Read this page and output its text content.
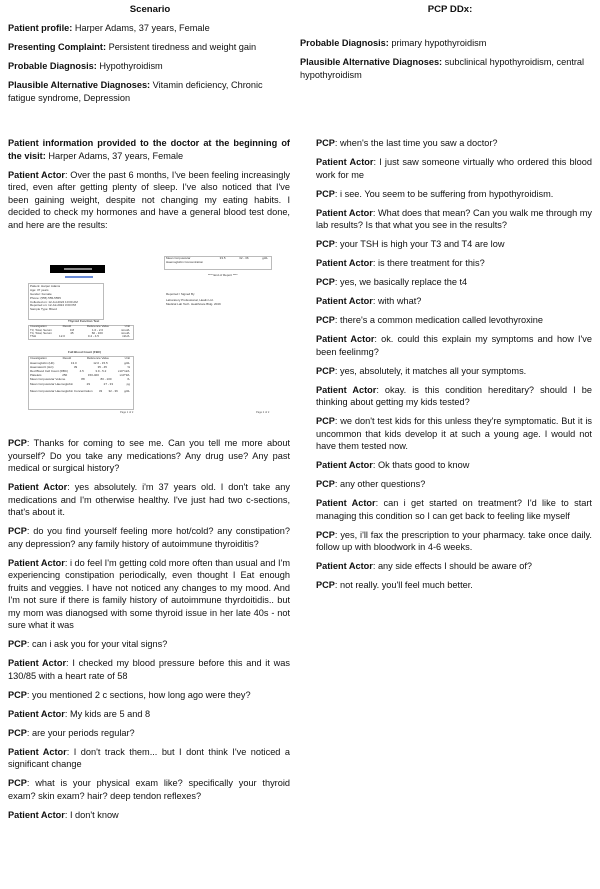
Scenario	PCP DDx:

Patient profile: Harper Adams, 37 years, Female

Presenting Complaint: Persistent tiredness and weight gain

Probable Diagnosis: Hypothyroidism

Plausible Alternative Diagnoses: Vitamin deficiency, Chronic fatigue syndrome, Depression

Probable Diagnosis: primary hypothyroidism

Plausible Alternative Diagnoses: subclinical hypothyroidism, central hypothyroidism

Patient information provided to the doctor at the beginning of the visit: Harper Adams, 37 years, Female

Patient Actor: Over the past 6 months, I've been feeling increasingly tired, even after getting plenty of sleep. I've also noticed that I've been gaining weight, despite not changing my eating habits. I decided to check my hormones and have a general blood test done, and here are the results:

Patient: Harper Adams
Age: 37 years
Gender: Female
Phone: (555) 555-5555
Collected on: 12-Jul-2024 10:00 AM
Reported on: 12-Jul-2024 3:00 PM
Sample Type: Blood
Thyroid Function Test
Investigation	Result	Reference Value	Unit
T3, Total, Serum	0.8	1.0 - 2.0	nmol/L
T4, Total, Serum	45	60 - 160	nmol/L
TSH	12.0	0.4 - 4.5	mIU/L
Full Blood Count (FBC)
Investigation	Result	Reference Value	Unit
Haemoglobin (Hb)	13.0	12.0 - 15.5	g/dL
Haematocrit (Hct)	39	35 - 45	%
Red Blood Cell Count (RBC)	4.5	3.9 - 5.2	x10^12/L
Platelets	250	150-400	x10^9/L
Mean Corpuscular Volume	88	80 - 100	fL
Mean Corpuscular Haemoglobin	29	27 - 33	pg
Mean Corpuscular Haemoglobin Concentration 33 32 - 36 g/dL
Page 1 of 2
Mean Corpuscular Haemoglobin Concentration
33.5	32 - 36	g/dL
**** End of Report ****
Reported / Signed By
Laboratory Professional, Healix Ltd.
Medical Lab Tech. Healthcare Bldg. 2049
Page 2 of 2

PCP: Thanks for coming to see me. Can you tell me more about yourself? Do you take any medications? Any drug use? Any past medical or surgical history?

Patient Actor: yes absolutely. i'm 37 years old. I don't take any medications and I'm otherwise healthy. I've just had two c-sections, that's about it.

PCP: do you find yourself feeling more hot/cold? any constipation? any depression? any family history of autoimmune thyroiditis?

Patient Actor: i do feel I'm getting cold more often than usual and I'm experiencing constipation periodically, even thought I Eat enough fruits and veggies. I have not noticed any changes to my mood. And I'm not sure if there is family history of autoimmune thyrdoitidis.. but my mom was dianogsed with some thyroid issue in her late 40s - not sure what it was

PCP: can i ask you for your vital signs?

Patient Actor: I checked my blood pressure before this and it was 130/85 with a heart rate of 58

PCP: you mentioned 2 c sections, how long ago were they?

Patient Actor: My kids are 5 and 8

PCP: are your periods regular?

Patient Actor: I don't track them... but I dont think I've noticed a significant change

PCP: what is your physical exam like? specifically your thyroid exam? skin exam? hair? deep tendon reflexes?

Patient Actor: I don't know

PCP: when's the last time you saw a doctor?

Patient Actor: I just saw someone virtually who ordered this blood work for me

PCP: i see. You seem to be suffering from hypothyroidism.

Patient Actor: What does that mean? Can you walk me through my lab results? Is that what you see in the results?

PCP: your TSH is high your T3 and T4 are low

Patient Actor: is there treatment for this?

PCP: yes, we basically replace the t4

Patient Actor: with what?

PCP: there's a common medication called levothyroxine

Patient Actor: ok. could this explain my symptoms and how I've been feelinmg?

PCP: yes, absolutely, it matches all your symptoms.

Patient Actor: okay. is this condition hereditary? should I be thinking about getting my kids tested?

PCP: we don't test kids for this unless they're symptomatic. But it is uncommon that kids develop it at such a young age. I would not have them tested now.

Patient Actor: Ok thats good to know

PCP: any other questions?

Patient Actor: can i get started on treatment? I'd like to start managing this condition so I can get back to feeling like myself

PCP: yes, i'll fax the prescription to your pharmacy. take once daily. follow up with bloodwork in 4-6 weeks.

Patient Actor: any side effects I should be aware of?

PCP: not really. you'll feel much better.
